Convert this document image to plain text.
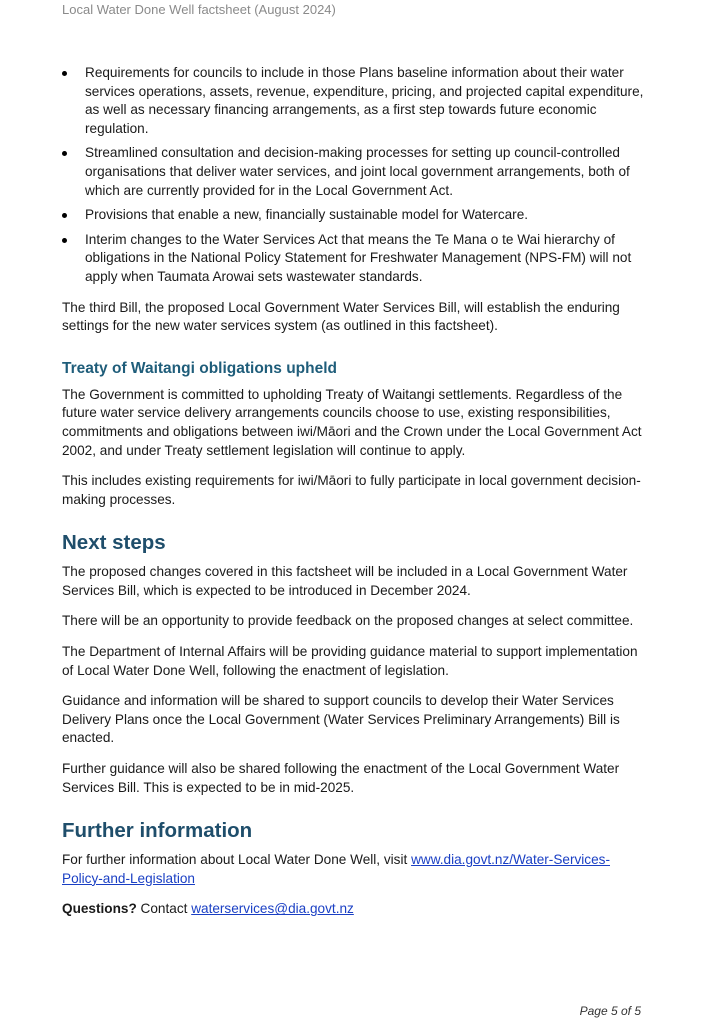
Local Water Done Well factsheet (August 2024)
Requirements for councils to include in those Plans baseline information about their water services operations, assets, revenue, expenditure, pricing, and projected capital expenditure, as well as necessary financing arrangements, as a first step towards future economic regulation.
Streamlined consultation and decision-making processes for setting up council-controlled organisations that deliver water services, and joint local government arrangements, both of which are currently provided for in the Local Government Act.
Provisions that enable a new, financially sustainable model for Watercare.
Interim changes to the Water Services Act that means the Te Mana o te Wai hierarchy of obligations in the National Policy Statement for Freshwater Management (NPS-FM) will not apply when Taumata Arowai sets wastewater standards.

The third Bill, the proposed Local Government Water Services Bill, will establish the enduring settings for the new water services system (as outlined in this factsheet).

Treaty of Waitangi obligations upheld

The Government is committed to upholding Treaty of Waitangi settlements. Regardless of the future water service delivery arrangements councils choose to use, existing responsibilities, commitments and obligations between iwi/Māori and the Crown under the Local Government Act 2002, and under Treaty settlement legislation will continue to apply.

This includes existing requirements for iwi/Māori to fully participate in local government decision-making processes.

Next steps

The proposed changes covered in this factsheet will be included in a Local Government Water Services Bill, which is expected to be introduced in December 2024.

There will be an opportunity to provide feedback on the proposed changes at select committee.

The Department of Internal Affairs will be providing guidance material to support implementation of Local Water Done Well, following the enactment of legislation.

Guidance and information will be shared to support councils to develop their Water Services Delivery Plans once the Local Government (Water Services Preliminary Arrangements) Bill is enacted.

Further guidance will also be shared following the enactment of the Local Government Water Services Bill. This is expected to be in mid-2025.

Further information

For further information about Local Water Done Well, visit www.dia.govt.nz/Water-Services-Policy-and-Legislation

Questions? Contact waterservices@dia.govt.nz

Page 5 of 5
